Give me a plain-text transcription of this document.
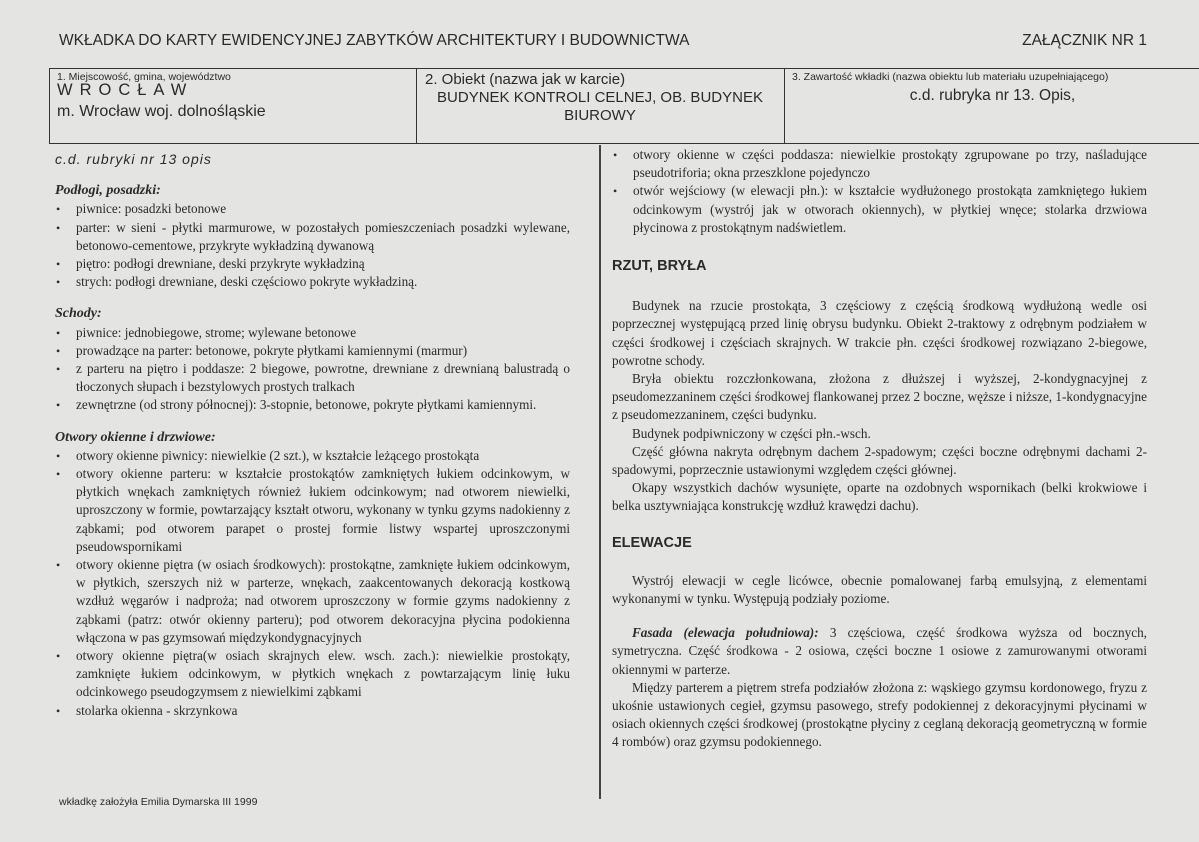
WKŁADKA DO KARTY EWIDENCYJNEJ ZABYTKÓW ARCHITEKTURY I BUDOWNICTWA	ZAŁĄCZNIK NR 1
1. Miejscowość, gmina, województwo
WROCŁAW
m. Wrocław woj. dolnośląskie
2. Obiekt (nazwa jak w karcie)
BUDYNEK KONTROLI CELNEJ, OB. BUDYNEK
BIUROWY
3. Zawartość wkładki (nazwa obiektu lub materiału uzupełniającego)
c.d. rubryka nr 13. Opis,
c.d. rubryki nr 13 opis
Podłogi, posadzki:
• piwnice: posadzki betonowe
• parter: w sieni - płytki marmurowe, w pozostałych pomieszczeniach posadzki wylewane, betonowo-cementowe, przykryte wykładziną dywanową
• piętro: podłogi drewniane, deski przykryte wykładziną
• strych: podłogi drewniane, deski częściowo pokryte wykładziną.
Schody:
• piwnice: jednobiegowe, strome; wylewane betonowe
• prowadzące na parter: betonowe, pokryte płytkami kamiennymi (marmur)
• z parteru na piętro i poddasze: 2 biegowe, powrotne, drewniane z drewnianą balustradą o tłoczonych słupach i bezstylowych prostych tralkach
• zewnętrzne (od strony północnej): 3-stopnie, betonowe, pokryte płytkami kamiennymi.
Otwory okienne i drzwiowe:
• otwory okienne piwnicy: niewielkie (2 szt.), w kształcie leżącego prostokąta
• otwory okienne parteru: w kształcie prostokątów zamkniętych łukiem odcinkowym, w płytkich wnękach zamkniętych również łukiem odcinkowym; nad otworem niewielki, uproszczony w formie, powtarzający kształt otworu, wykonany w tynku gzyms nadokienny z ząbkami; pod otworem parapet o prostej formie listwy wspartej uproszczonymi pseudowspornikami
• otwory okienne piętra (w osiach środkowych): prostokątne, zamknięte łukiem odcinkowym, w płytkich, szerszych niż w parterze, wnękach, zaakcentowanych dekoracją kostkową wzdłuż węgarów i nadproża; nad otworem uproszczony w formie gzyms nadokienny z ząbkami (patrz: otwór okienny parteru); pod otworem dekoracyjna płycina podokienna włączona w pas gzymsowań międzykondygnacyjnych
• otwory okienne piętra(w osiach skrajnych elew. wsch. zach.): niewielkie prostokąty, zamknięte łukiem odcinkowym, w płytkich wnękach z powtarzającym linię łuku odcinkowego pseudogzymsem z niewielkimi ząbkami
• stolarka okienna - skrzynkowa
• otwory okienne w części poddasza: niewielkie prostokąty zgrupowane po trzy, naśladujące pseudotriforia; okna przeszklone pojedynczo
• otwór wejściowy (w elewacji płn.): w kształcie wydłużonego prostokąta zamkniętego łukiem odcinkowym (wystrój jak w otworach okiennych), w płytkiej wnęce; stolarka drzwiowa płycinowa z prostokątnym nadświetlem.
RZUT, BRYŁA

Budynek na rzucie prostokąta, 3 częściowy z częścią środkową wydłużoną wedle osi poprzecznej występującą przed linię obrysu budynku. Obiekt 2-traktowy z odrębnym podziałem w części środkowej i częściach skrajnych. W trakcie płn. części środkowej rozwiązano 2-biegowe, powrotne schody.

Bryła obiektu rozczłonkowana, złożona z dłuższej i wyższej, 2-kondygnacyjnej z pseudomezzaninem części środkowej flankowanej przez 2 boczne, węższe i niższe, 1-kondygnacyjne z pseudomezzaninem, części budynku.

Budynek podpiwniczony w części płn.-wsch.

Część główna nakryta odrębnym dachem 2-spadowym; części boczne odrębnymi dachami 2-spadowymi, poprzecznie ustawionymi względem części głównej.

Okapy wszystkich dachów wysunięte, oparte na ozdobnych wspornikach (belki krokwiowe i belka usztywniająca konstrukcję wzdłuż krawędzi dachu).

ELEWACJE

Wystrój elewacji w cegle licówce, obecnie pomalowanej farbą emulsyjną, z elementami wykonanymi w tynku. Występują podziały poziome.

Fasada (elewacja południowa): 3 częściowa, część środkowa wyższa od bocznych, symetryczna. Część środkowa - 2 osiowa, części boczne 1 osiowe z zamurowanymi otworami okiennymi w parterze.

Między parterem a piętrem strefa podziałów złożona z: wąskiego gzymsu kordonowego, fryzu z ukośnie ustawionych cegieł, gzymsu pasowego, strefy podokiennej z dekoracyjnymi płycinami w osiach okiennych części środkowej (prostokątne płyciny z ceglaną dekoracją geometryczną w formie 4 rombów) oraz gzymsu podokiennego.

wkładkę założyła Emilia Dymarska III 1999
